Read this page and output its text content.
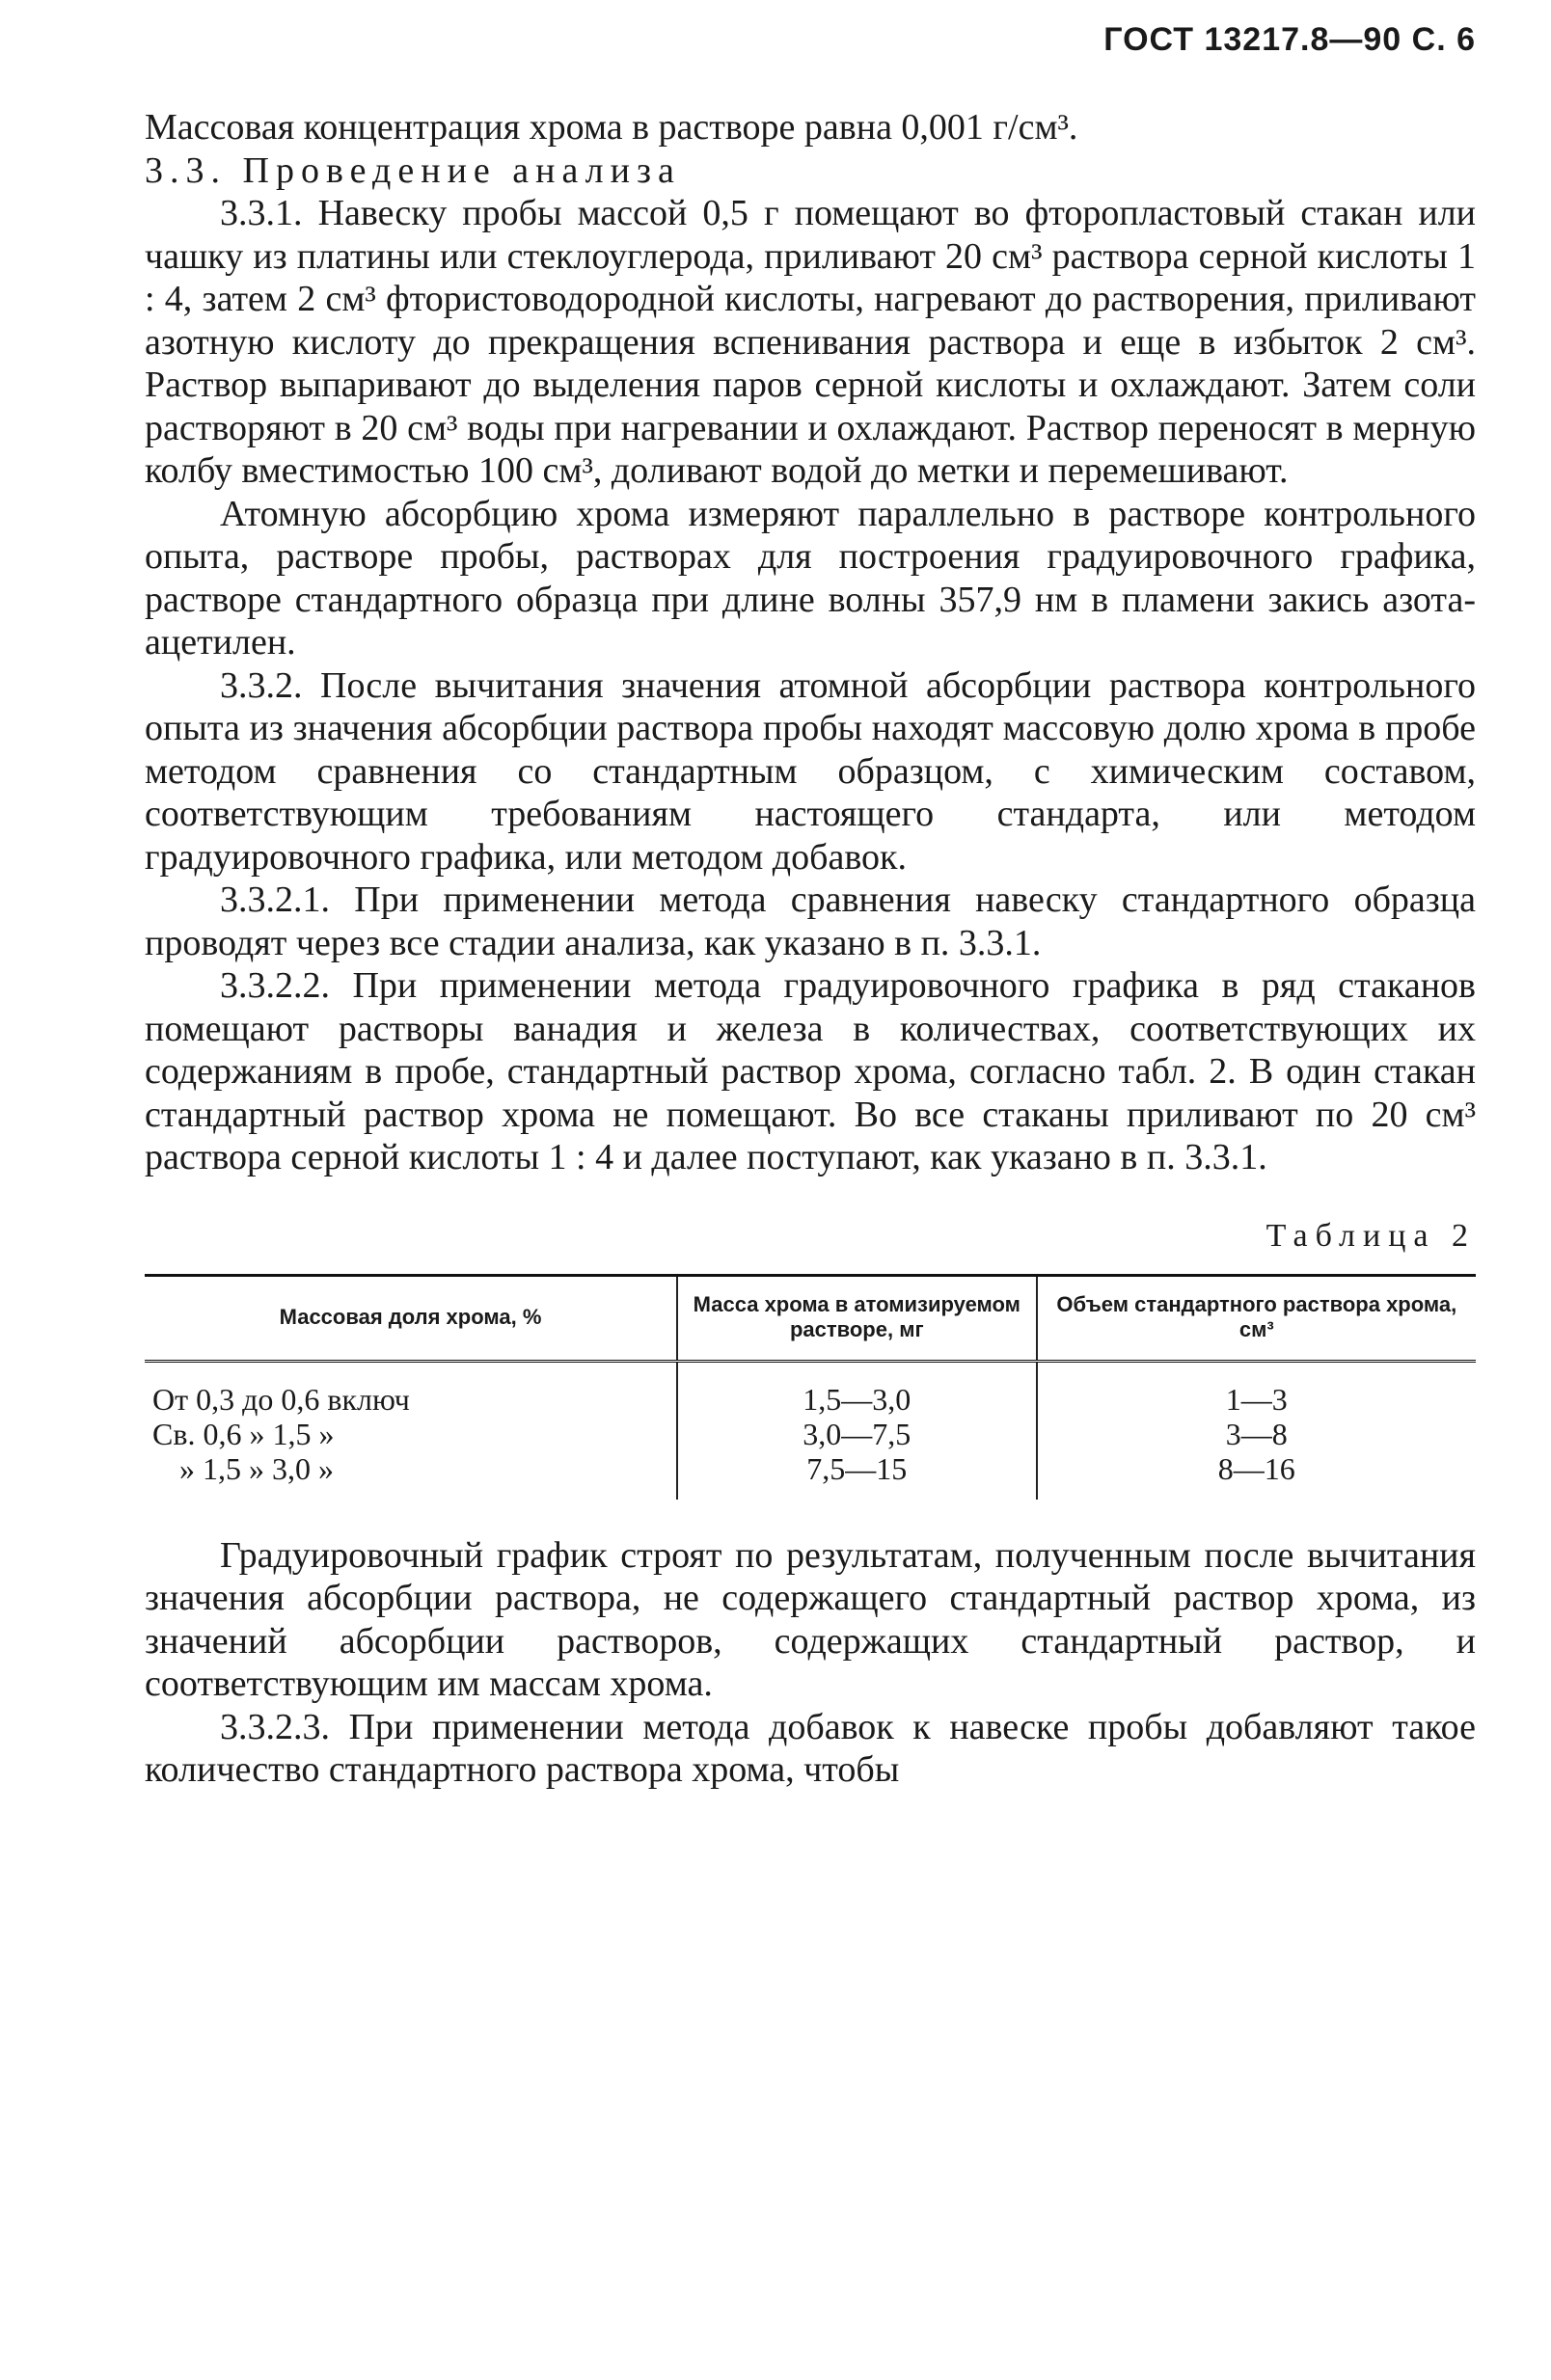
ГОСТ 13217.8—90 С. 6

Массовая концентрация хрома в растворе равна 0,001 г/см³.

3.3. Проведение анализа

3.3.1. Навеску пробы массой 0,5 г помещают во фторопластовый стакан или чашку из платины или стеклоуглерода, приливают 20 см³ раствора серной кислоты 1 : 4, затем 2 см³ фтористоводородной кислоты, нагревают до растворения, приливают азотную кислоту до прекращения вспенивания раствора и еще в избыток 2 см³. Раствор выпаривают до выделения паров серной кислоты и охлаждают. Затем соли растворяют в 20 см³ воды при нагревании и охлаждают. Раствор переносят в мерную колбу вместимостью 100 см³, доливают водой до метки и перемешивают.

Атомную абсорбцию хрома измеряют параллельно в растворе контрольного опыта, растворе пробы, растворах для построения градуировочного графика, растворе стандартного образца при длине волны 357,9 нм в пламени закись азота-ацетилен.

3.3.2. После вычитания значения атомной абсорбции раствора контрольного опыта из значения абсорбции раствора пробы находят массовую долю хрома в пробе методом сравнения со стандартным образцом, с химическим составом, соответствующим требованиям настоящего стандарта, или методом градуировочного графика, или методом добавок.

3.3.2.1. При применении метода сравнения навеску стандартного образца проводят через все стадии анализа, как указано в п. 3.3.1.

3.3.2.2. При применении метода градуировочного графика в ряд стаканов помещают растворы ванадия и железа в количествах, соответствующих их содержаниям в пробе, стандартный раствор хрома, согласно табл. 2. В один стакан стандартный раствор хрома не помещают. Во все стаканы приливают по 20 см³ раствора серной кислоты 1 : 4 и далее поступают, как указано в п. 3.3.1.

Таблица 2
Массовая доля хрома, %	Масса хрома в атомизируемом растворе, мг	Объем стандартного раствора хрома, см³
От 0,3 до 0,6 включ	1,5—3,0	1—3
Св. 0,6 » 1,5 »	3,0—7,5	3—8
» 1,5 » 3,0 »	7,5—15	8—16

Градуировочный график строят по результатам, полученным после вычитания значения абсорбции раствора, не содержащего стандартный раствор хрома, из значений абсорбции растворов, содержащих стандартный раствор, и соответствующим им массам хрома.

3.3.2.3. При применении метода добавок к навеске пробы добавляют такое количество стандартного раствора хрома, чтобы
